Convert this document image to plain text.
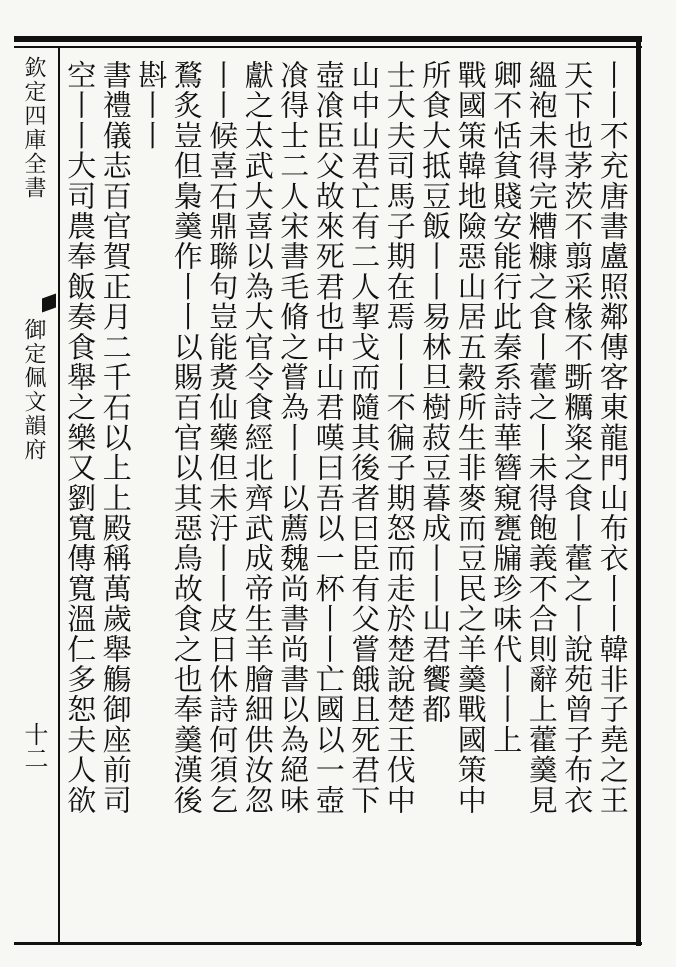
欽定四庫全書
御定佩文韻府
十二	丨丨不充唐書盧照鄰傳客東龍門山布衣丨丨韓非子堯之王
天下也茅茨不翦采椽不斲糲粢之食丨藿之丨說苑曾子布衣
縕袍未得完糟糠之食丨藿之丨未得飽義不合則辭上藿羹見
卿不恬貧賤安能行此秦系詩華簪窺甕牖珍味代丨丨上
戰國策韓地險惡山居五穀所生非麥而豆民之羊羹戰國策中
所食大抵豆飯丨丨易林旦樹菽豆暮成丨丨山君饗都
士大夫司馬子期在焉丨丨不徧子期怒而走於楚說楚王伐中
山中山君亡有二人挈戈而隨其後者曰臣有父嘗餓且死君下
壺飡臣父故來死君也中山君嘆曰吾以一杯丨丨亡國以一壺
飡得士二人宋書毛脩之嘗為丨丨以薦魏尚書尚書以為絕味
獻之太武大喜以為大官令食經北齊武成帝生羊膾細供汝忽
丨丨候喜石鼎聯句豈能煑仙藥但未汙丨丨皮日休詩何須乞
鶩炙豈但梟羹作丨丨以賜百官以其惡鳥故食之也奉羹漢後
斟丨丨
書禮儀志百官賀正月二千石以上上殿稱萬歲舉觴御座前司
空丨丨大司農奉飯奏食舉之樂又劉寬傳寬溫仁多恕夫人欲
